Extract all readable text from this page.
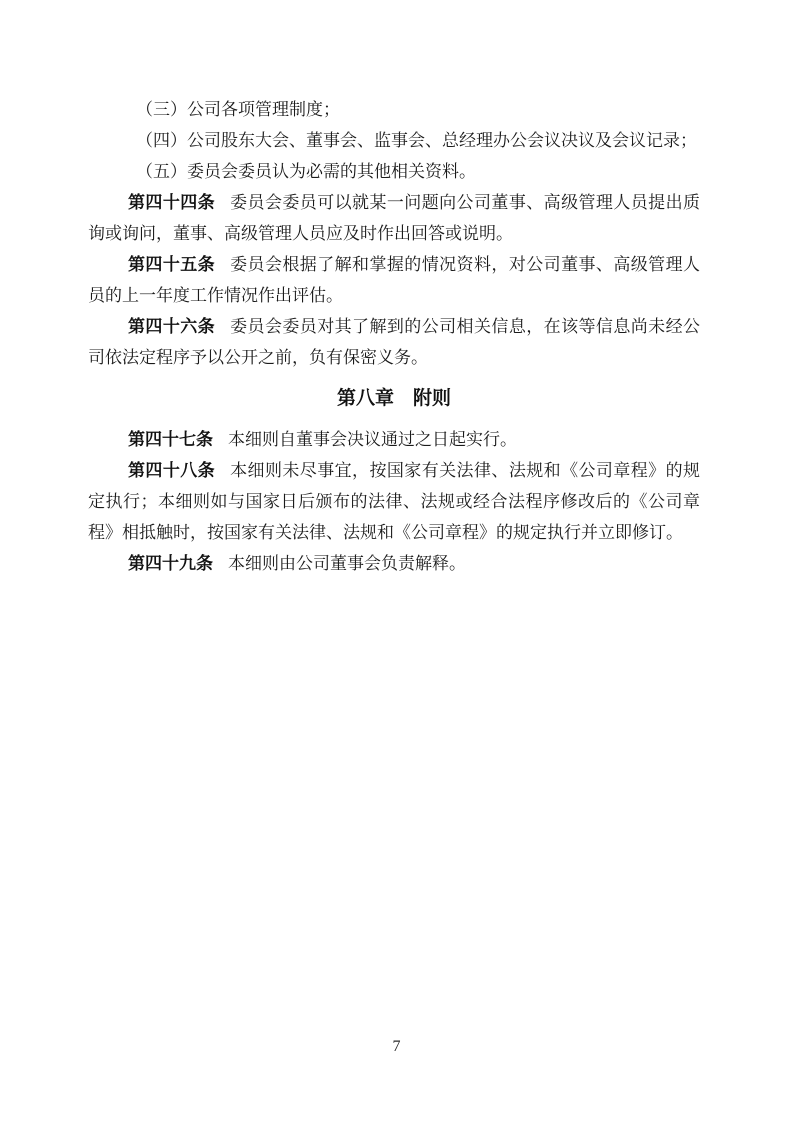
（三）公司各项管理制度；

（四）公司股东大会、董事会、监事会、总经理办公会议决议及会议记录；

（五）委员会委员认为必需的其他相关资料。

第四十四条 委员会委员可以就某一问题向公司董事、高级管理人员提出质询或询问，董事、高级管理人员应及时作出回答或说明。

第四十五条 委员会根据了解和掌握的情况资料，对公司董事、高级管理人员的上一年度工作情况作出评估。

第四十六条 委员会委员对其了解到的公司相关信息，在该等信息尚未经公司依法定程序予以公开之前，负有保密义务。

第八章　附则

第四十七条 本细则自董事会决议通过之日起实行。

第四十八条 本细则未尽事宜，按国家有关法律、法规和《公司章程》的规定执行；本细则如与国家日后颁布的法律、法规或经合法程序修改后的《公司章程》相抵触时，按国家有关法律、法规和《公司章程》的规定执行并立即修订。

第四十九条 本细则由公司董事会负责解释。

7
